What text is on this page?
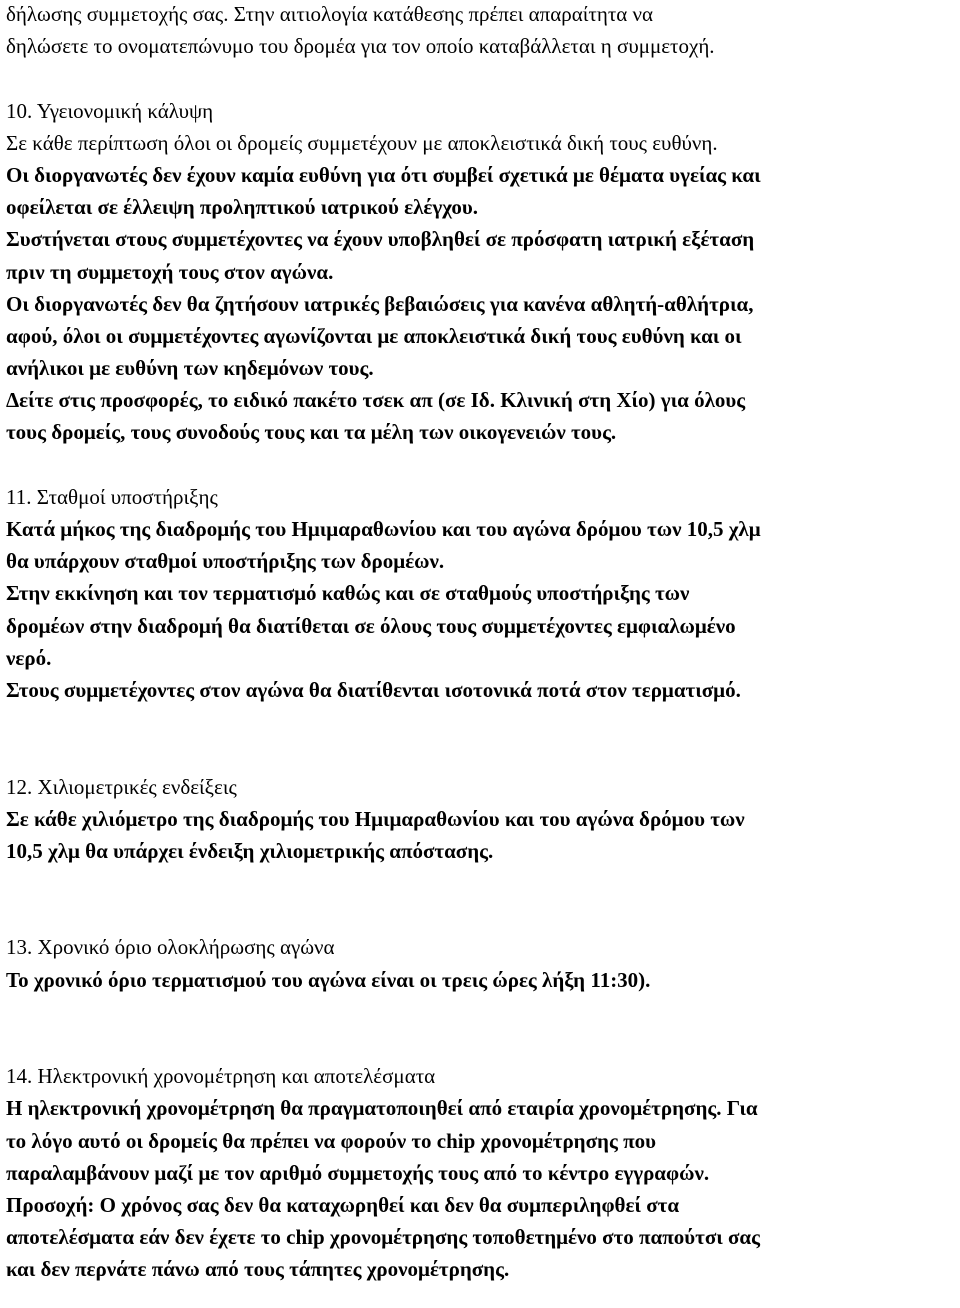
δήλωσης συμμετοχής σας. Στην αιτιολογία κατάθεσης πρέπει απαραίτητα να
δηλώσετε το ονοματεπώνυμο του δρομέα για τον οποίο καταβάλλεται η συμμετοχή.
10. Υγειονομική κάλυψη
Σε κάθε περίπτωση όλοι οι δρομείς συμμετέχουν με αποκλειστικά δική τους ευθύνη.
Οι διοργανωτές δεν έχουν καμία ευθύνη για ότι συμβεί σχετικά με θέματα υγείας και
οφείλεται σε έλλειψη προληπτικού ιατρικού ελέγχου.
Συστήνεται στους συμμετέχοντες να έχουν υποβληθεί σε πρόσφατη ιατρική εξέταση
πριν τη συμμετοχή τους στον αγώνα.
Οι διοργανωτές δεν θα ζητήσουν ιατρικές βεβαιώσεις για κανένα αθλητή-αθλήτρια,
αφού, όλοι οι συμμετέχοντες αγωνίζονται με αποκλειστικά δική τους ευθύνη και οι
ανήλικοι με ευθύνη των κηδεμόνων τους.
Δείτε στις προσφορές, το ειδικό πακέτο τσεκ απ (σε Ιδ. Κλινική στη Χίο) για όλους
τους δρομείς, τους συνοδούς τους και τα μέλη των οικογενειών τους.
11. Σταθμοί υποστήριξης
Κατά μήκος της διαδρομής του Ημιμαραθωνίου και του αγώνα δρόμου των 10,5 χλμ
θα υπάρχουν σταθμοί υποστήριξης των δρομέων.
Στην εκκίνηση και τον τερματισμό καθώς και σε σταθμούς υποστήριξης των
δρομέων στην διαδρομή θα διατίθεται σε όλους τους συμμετέχοντες εμφιαλωμένο
νερό.
Στους συμμετέχοντες στον αγώνα θα διατίθενται ισοτονικά ποτά στον τερματισμό.
12. Χιλιομετρικές ενδείξεις
Σε κάθε χιλιόμετρο της διαδρομής του Ημιμαραθωνίου και του αγώνα δρόμου των
10,5 χλμ θα υπάρχει ένδειξη χιλιομετρικής απόστασης.
13. Χρονικό όριο ολοκλήρωσης αγώνα
Το χρονικό όριο τερματισμού του αγώνα είναι οι τρεις ώρες λήξη 11:30).
14. Ηλεκτρονική χρονομέτρηση και αποτελέσματα
Η ηλεκτρονική χρονομέτρηση θα πραγματοποιηθεί από εταιρία χρονομέτρησης. Για
το λόγο αυτό οι δρομείς θα πρέπει να φορούν το chip χρονομέτρησης που
παραλαμβάνουν μαζί με τον αριθμό συμμετοχής τους από το κέντρο εγγραφών.
Προσοχή: Ο χρόνος σας δεν θα καταχωρηθεί και δεν θα συμπεριληφθεί στα
αποτελέσματα εάν δεν έχετε το chip χρονομέτρησης τοποθετημένο στο παπούτσι σας
και δεν περνάτε πάνω από τους τάπητες χρονομέτρησης.
